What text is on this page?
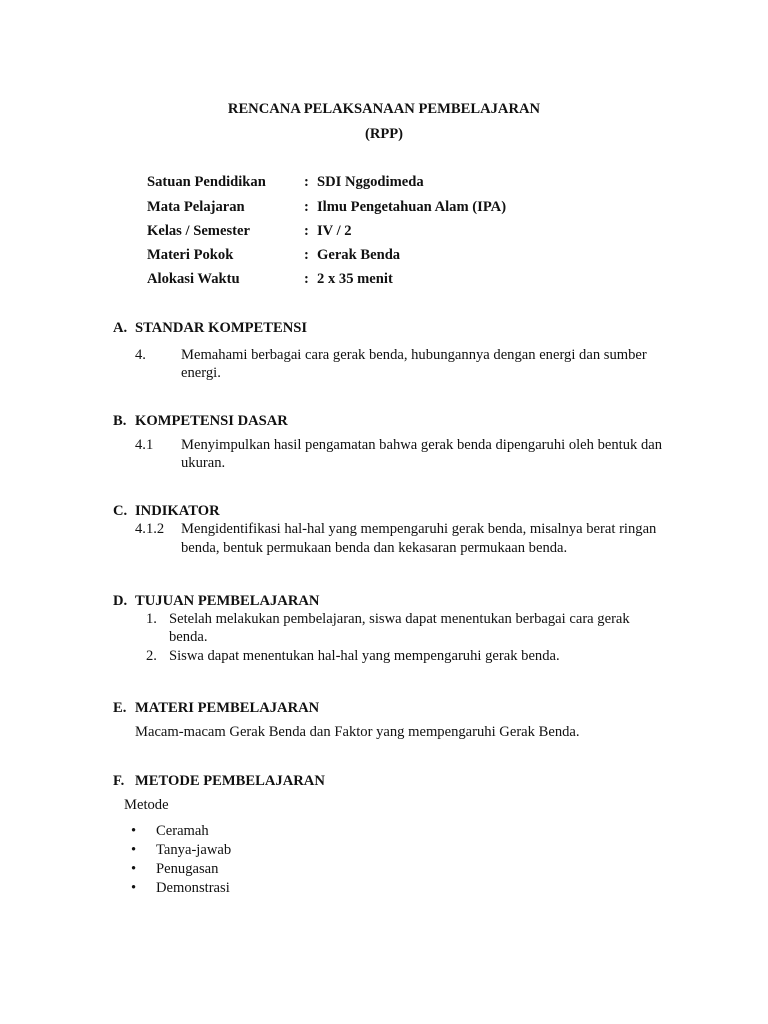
RENCANA PELAKSANAAN PEMBELAJARAN
(RPP)
Satuan Pendidikan	: SDI Nggodimeda
Mata Pelajaran	: Ilmu Pengetahuan Alam (IPA)
Kelas / Semester	: IV / 2
Materi Pokok	: Gerak Benda
Alokasi Waktu	: 2 x 35 menit
A. STANDAR KOMPETENSI
4. Memahami berbagai cara gerak benda, hubungannya dengan energi dan sumber
energi.
B. KOMPETENSI DASAR
4.1 Menyimpulkan hasil pengamatan bahwa gerak benda dipengaruhi oleh bentuk dan
ukuran.
C. INDIKATOR
4.1.2 Mengidentifikasi hal-hal yang mempengaruhi gerak benda, misalnya berat ringan
benda, bentuk permukaan benda dan kekasaran permukaan benda.
D. TUJUAN PEMBELAJARAN
1. Setelah melakukan pembelajaran, siswa dapat menentukan berbagai cara gerak
benda.
2. Siswa dapat menentukan hal-hal yang mempengaruhi gerak benda.
E. MATERI PEMBELAJARAN
Macam-macam Gerak Benda dan Faktor yang mempengaruhi Gerak Benda.
F. METODE PEMBELAJARAN
Metode
• Ceramah
• Tanya-jawab
• Penugasan
• Demonstrasi
